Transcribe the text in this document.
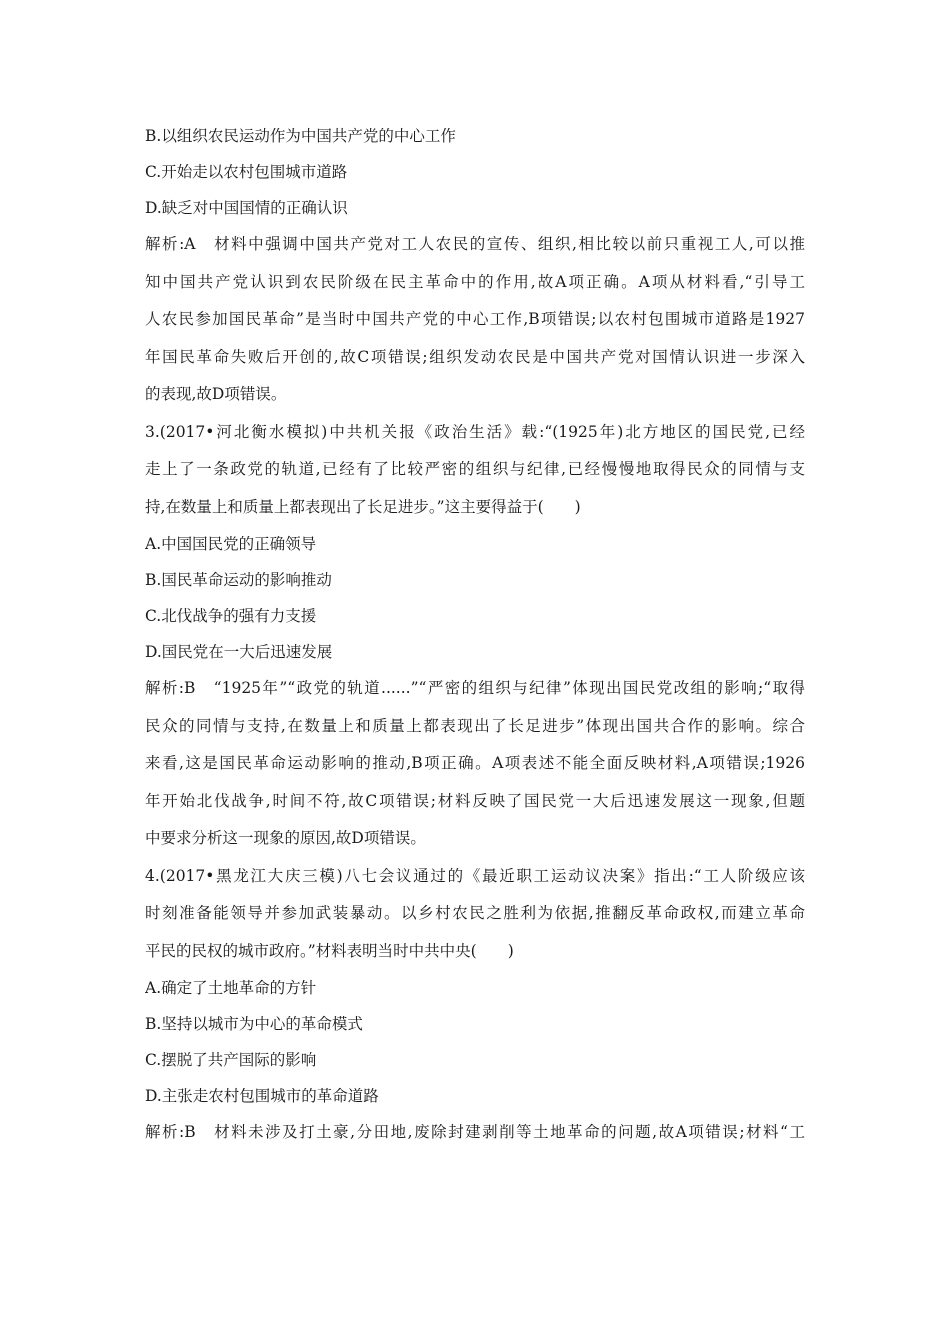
B.以组织农民运动作为中国共产党的中心工作
C.开始走以农村包围城市道路
D.缺乏对中国国情的正确认识
解析:A　材料中强调中国共产党对工人农民的宣传、组织,相比较以前只重视工人,可以推
知中国共产党认识到农民阶级在民主革命中的作用,故A项正确。A项从材料看,“引导工
人农民参加国民革命”是当时中国共产党的中心工作,B项错误;以农村包围城市道路是1927
年国民革命失败后开创的,故C项错误;组织发动农民是中国共产党对国情认识进一步深入
的表现,故D项错误。
3.(2017•河北衡水模拟)中共机关报《政治生活》载:“(1925年)北方地区的国民党,已经
走上了一条政党的轨道,已经有了比较严密的组织与纪律,已经慢慢地取得民众的同情与支
持,在数量上和质量上都表现出了长足进步。”这主要得益于(　　)
A.中国国民党的正确领导
B.国民革命运动的影响推动
C.北伐战争的强有力支援
D.国民党在一大后迅速发展
解析:B　“1925年”“政党的轨道......”“严密的组织与纪律”体现出国民党改组的影响;“取得
民众的同情与支持,在数量上和质量上都表现出了长足进步”体现出国共合作的影响。综合
来看,这是国民革命运动影响的推动,B项正确。A项表述不能全面反映材料,A项错误;1926
年开始北伐战争,时间不符,故C项错误;材料反映了国民党一大后迅速发展这一现象,但题
中要求分析这一现象的原因,故D项错误。
4.(2017•黑龙江大庆三模)八七会议通过的《最近职工运动议决案》指出:“工人阶级应该
时刻准备能领导并参加武装暴动。以乡村农民之胜利为依据,推翻反革命政权,而建立革命
平民的民权的城市政府。”材料表明当时中共中央(　　)
A.确定了土地革命的方针
B.坚持以城市为中心的革命模式
C.摆脱了共产国际的影响
D.主张走农村包围城市的革命道路
解析:B　材料未涉及打土豪,分田地,废除封建剥削等土地革命的问题,故A项错误;材料“工
